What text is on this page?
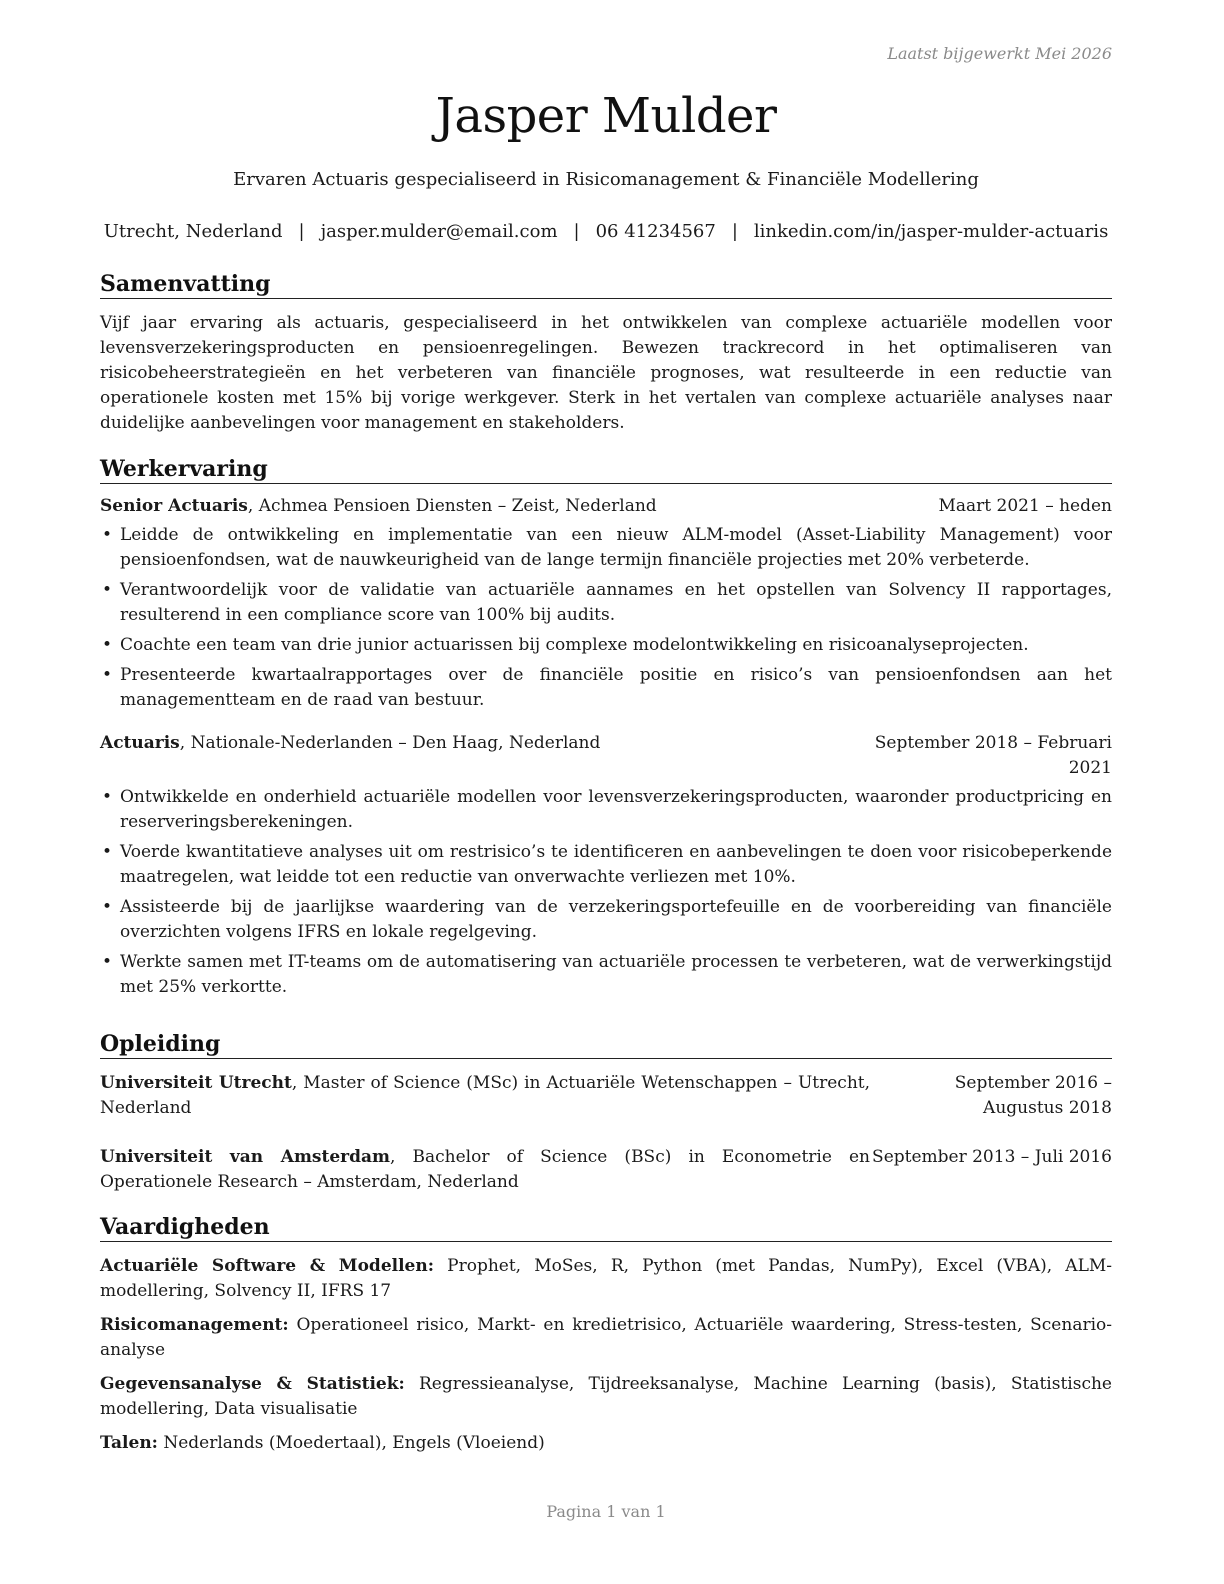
Laatst bijgewerkt Mei 2026
Jasper Mulder
Ervaren Actuaris gespecialiseerd in Risicomanagement & Financiële Modellering
Utrecht, Nederland | jasper.mulder@email.com | 06 41234567 | linkedin.com/in/jasper-mulder-actuaris
Samenvatting

Vijf jaar ervaring als actuaris, gespecialiseerd in het ontwikkelen van complexe actuariële modellen voor levensverzekeringsproducten en pensioenregelingen. Bewezen trackrecord in het optimaliseren van risicobeheerstrategieën en het verbeteren van financiële prognoses, wat resulteerde in een reductie van operationele kosten met 15% bij vorige werkgever. Sterk in het vertalen van complexe actuariële analyses naar duidelijke aanbevelingen voor management en stakeholders.

Werkervaring
Senior Actuaris, Achmea Pensioen Diensten – Zeist, Nederland	Maart 2021 – heden
• Leidde de ontwikkeling en implementatie van een nieuw ALM-model (Asset-Liability Management) voor pensioenfondsen, wat de nauwkeurigheid van de lange termijn financiële projecties met 20% verbeterde.
• Verantwoordelijk voor de validatie van actuariële aannames en het opstellen van Solvency II rapportages, resulterend in een compliance score van 100% bij audits.
• Coachte een team van drie junior actuarissen bij complexe modelontwikkeling en risicoanalyseprojecten.
• Presenteerde kwartaalrapportages over de financiële positie en risico’s van pensioenfondsen aan het managementteam en de raad van bestuur.
Actuaris, Nationale-Nederlanden – Den Haag, Nederland	September 2018 – Februari 2021
• Ontwikkelde en onderhield actuariële modellen voor levensverzekeringsproducten, waaronder productpricing en reserveringsberekeningen.
• Voerde kwantitatieve analyses uit om restrisico’s te identificeren en aanbevelingen te doen voor risicobeperkende maatregelen, wat leidde tot een reductie van onverwachte verliezen met 10%.
• Assisteerde bij de jaarlijkse waardering van de verzekeringsportefeuille en de voorbereiding van financiële overzichten volgens IFRS en lokale regelgeving.
• Werkte samen met IT-teams om de automatisering van actuariële processen te verbeteren, wat de verwerkingstijd met 25% verkortte.
Opleiding
Universiteit Utrecht, Master of Science (MSc) in Actuariële Wetenschappen – Utrecht, Nederland
September 2016 – Augustus 2018
Universiteit van Amsterdam, Bachelor of Science (BSc) in Econometrie en Operationele Research – Amsterdam, Nederland
September 2013 – Juli 2016
Vaardigheden

Actuariële Software & Modellen: Prophet, MoSes, R, Python (met Pandas, NumPy), Excel (VBA), ALM-modellering, Solvency II, IFRS 17

Risicomanagement: Operationeel risico, Markt- en kredietrisico, Actuariële waardering, Stress-testen, Scenario-analyse

Gegevensanalyse & Statistiek: Regressieanalyse, Tijdreeksanalyse, Machine Learning (basis), Statistische modellering, Data visualisatie

Talen: Nederlands (Moedertaal), Engels (Vloeiend)

Pagina 1 van 1
